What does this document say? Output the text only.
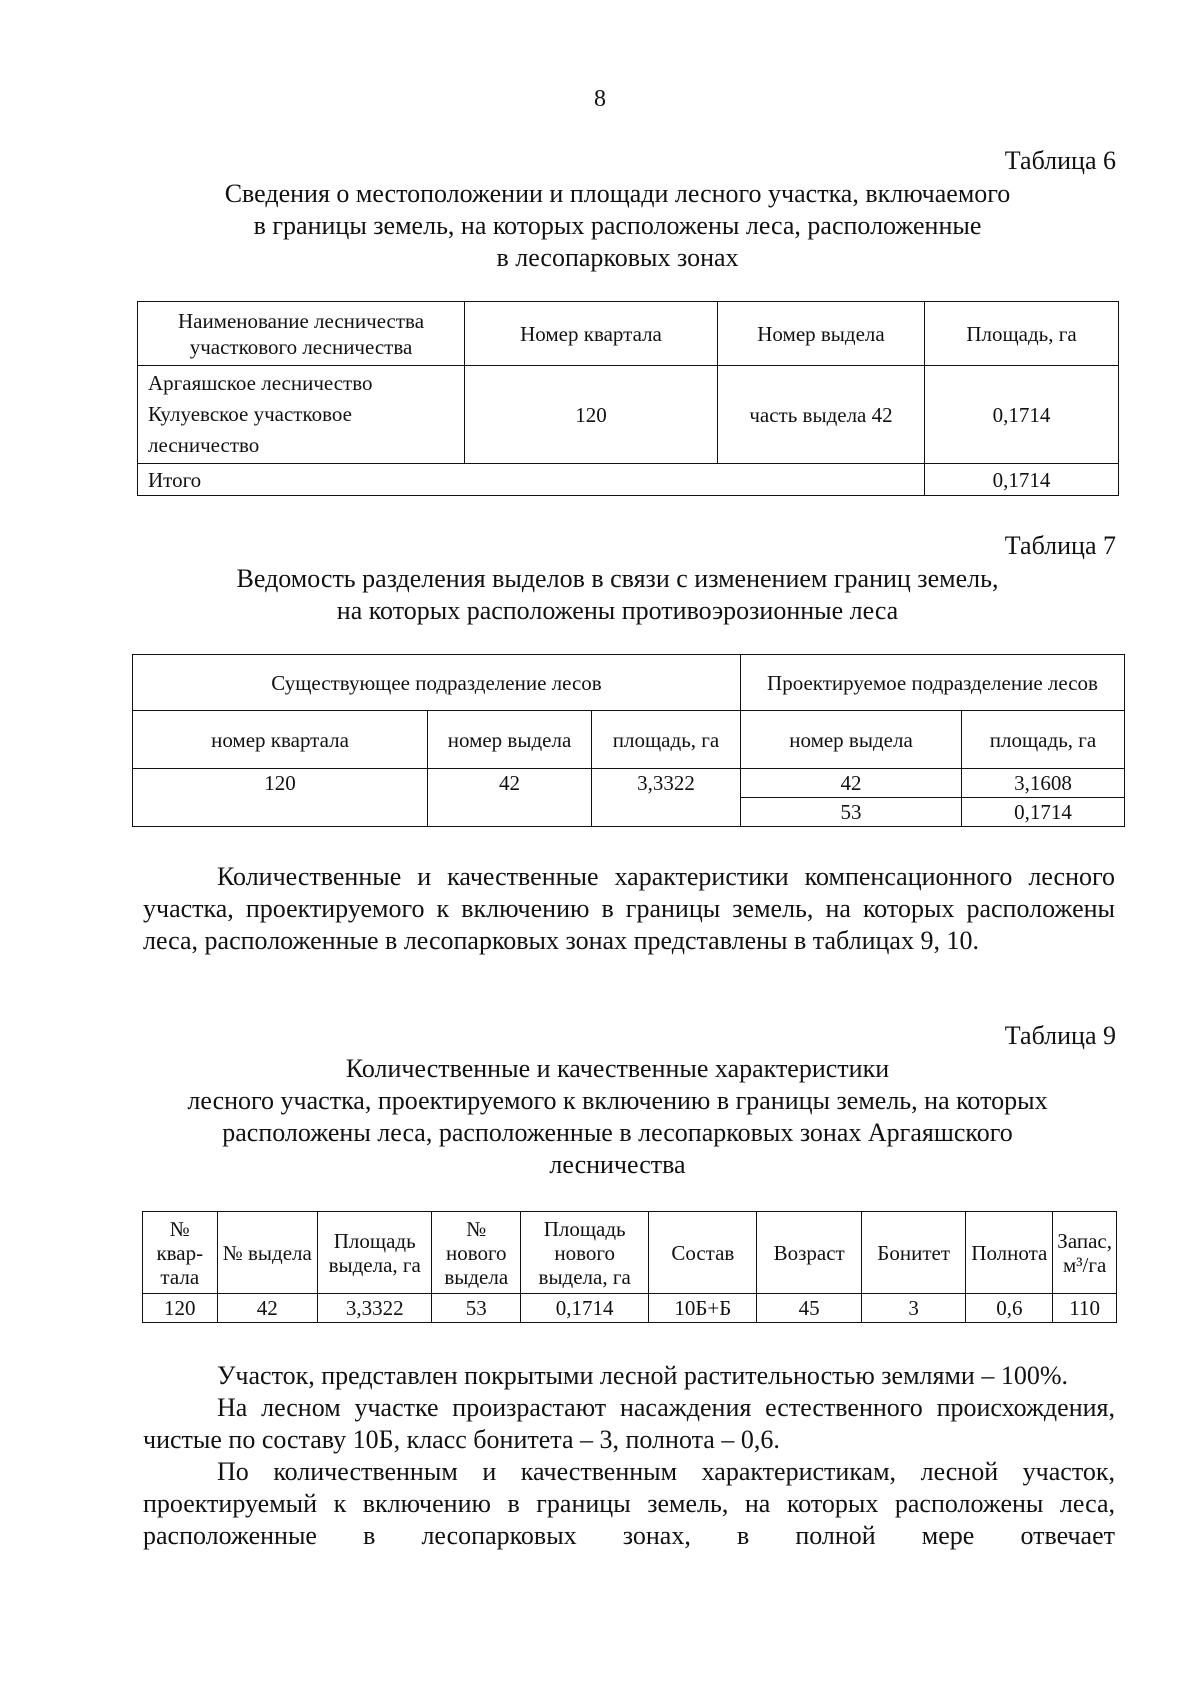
8
Таблица 6
Сведения о местоположении и площади лесного участка, включаемого
в границы земель, на которых расположены леса, расположенные
в лесопарковых зонах
Наименование лесничества участкового лесничества	Номер квартала	Номер выдела	Площадь, га

Аргаяшское лесничество
Кулуевское участковое
лесничество	120	часть выдела 42	0,1714
Итого			0,1714
Таблица 7
Ведомость разделения выделов в связи с изменением границ земель,
на которых расположены противоэрозионные леса
Существующее подразделение лесов			Проектируемое подразделение лесов	
номер квартала	номер выдела	площадь, га	номер выдела	площадь, га
120	42	3,3322	42	3,1608
			53	0,1714
Количественные и качественные характеристики компенсационного лесного участка, проектируемого к включению в границы земель, на которых расположены леса, расположенные в лесопарковых зонах представлены в таблицах 9, 10.
Таблица 9
Количественные и качественные характеристики
лесного участка, проектируемого к включению в границы земель, на которых
расположены леса, расположенные в лесопарковых зонах Аргаяшского
лесничества
№ квар-тала	№ выдела	Площадь выдела, га	№ нового выдела	Площадь нового выдела, га	Состав	Возраст	Бонитет	Полнота	Запас, м³/га
120	42	3,3322	53	0,1714	10Б+Б	45	3	0,6	110

Участок, представлен покрытыми лесной растительностью землями – 100%.

На лесном участке произрастают насаждения естественного происхождения, чистые по составу 10Б, класс бонитета – 3, полнота – 0,6.

По количественным и качественным характеристикам, лесной участок, проектируемый к включению в границы земель, на которых расположены леса, расположенные в лесопарковых зонах, в полной мере отвечает
